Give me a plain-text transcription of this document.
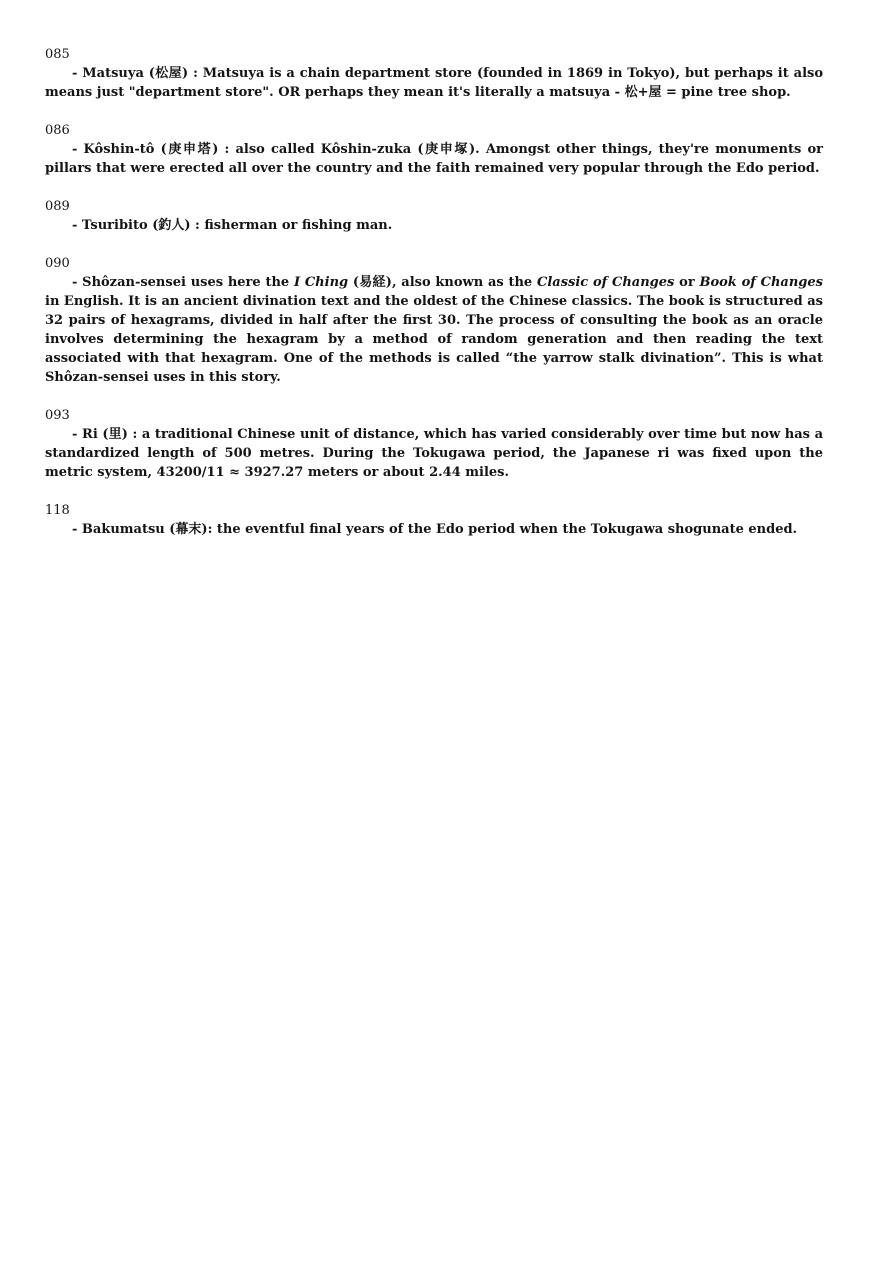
085
- Matsuya (松屋) : Matsuya is a chain department store (founded in 1869 in Tokyo), but perhaps it also means just "department store". OR perhaps they mean it's literally a matsuya - 松+屋 = pine tree shop.
086
- Kôshin-tô (庚申塔) : also called Kôshin-zuka (庚申塚). Amongst other things, they're monuments or pillars that were erected all over the country and the faith remained very popular through the Edo period.
089
- Tsuribito (釣人) : fisherman or fishing man.
090
- Shôzan-sensei uses here the I Ching (易経), also known as the Classic of Changes or Book of Changes in English. It is an ancient divination text and the oldest of the Chinese classics. The book is structured as 32 pairs of hexagrams, divided in half after the first 30. The process of consulting the book as an oracle involves determining the hexagram by a method of random generation and then reading the text associated with that hexagram. One of the methods is called “the yarrow stalk divination”. This is what Shôzan-sensei uses in this story.
093
- Ri (里) : a traditional Chinese unit of distance, which has varied considerably over time but now has a standardized length of 500 metres. During the Tokugawa period, the Japanese ri was fixed upon the metric system, 43200/11 ≈ 3927.27 meters or about 2.44 miles.
118
- Bakumatsu (幕末): the eventful final years of the Edo period when the Tokugawa shogunate ended.
